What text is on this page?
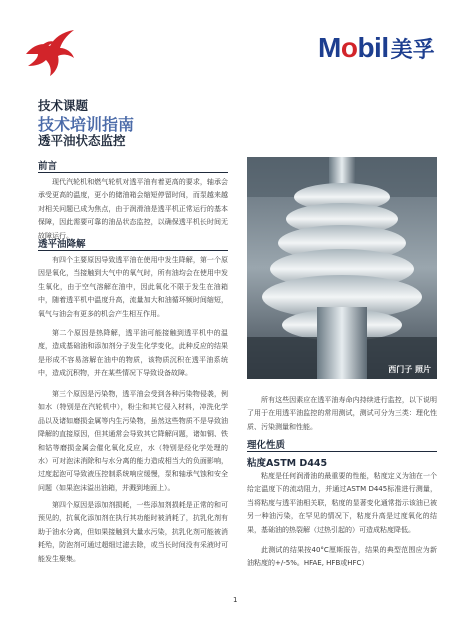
Mobil 美孚
技术课题
技术培训指南
透平油状态监控
前言
现代汽轮机和燃气轮机对透平油有着更高的要求，轴承会承受更高的温度，更小的储油箱会缩短停留时间，而泵越来越对相关问题已成为焦点，由于润滑油是透平机正常运行的基本保障，因此需要可靠的油品状态监控，以确保透平机长时间无故障运行。
透平油降解
有四个主要原因导致透平油在使用中发生降解，第一个原因是氧化，当接触到大气中的氧气时，所有油均会在使用中发生氧化，由于空气溶解在油中，因此氧化不限于发生在油箱中，随着透平机中温度升高，流量加大和油循环频时间缩短，氧气与油会有更多的机会产生相互作用。
第二个原因是热降解，透平油可能接触到透平机中的温度，造成基础油和添加剂分子发生化学变化，此种反应的结果是形成不容易溶解在油中的物质，该物质沉积在透平油系统中，造成沉积物，并在某些情况下导致设备故障。
第三个原因是污染物，透平油会受到各种污染物侵袭，例如水（特别是在汽轮机中），粉尘和其它侵入材料，冲洗化学品以及诸如磨损金属等内生污染物，虽然这些物质不是导致油降解的直接原因，但其通常会导致其它降解问题，诸如铜、铁和钴等磨损金属会催化氧化反应，水（特别是经化学处理的水）可对泡沫消除和与水分离的能力造成相当大的负面影响，过度起泡可导致液压控制系统响应缓慢，泵和轴承气蚀和安全问题（如果泡沫溢出油箱，并溅到地面上）。
第四个原因是添加剂损耗，一些添加剂损耗是正常的和可预见的，抗氧化添加剂在执行其功能时被消耗了，抗乳化剂有助于油水分离，但如果接触到大量水污染，抗乳化剂可能被消耗殆，防泡剂可通过超细过滤去除，或当长时间没有采液时可能发生聚集。
西门子 照片
所有这些因素应在透平油寿命内持续进行监控，以下说明了用于在用透平油监控的常用测试，测试可分为三类：理化性质、污染测量和性能。
理化性质
粘度ASTM D445
粘度是任何润滑油的最重要的性能，粘度定义为油在一个给定温度下的流动阻力，并通过ASTM D445标准进行测量，当将粘度与透平油相关联，粘度的显著变化通常指示该油已被另一种油污染，在罕见的情况下，粘度升高是过度氧化的结果，基础油的热裂解（过热引起的）可造成粘度降低。
此测试的结果按40°C厘斯报告，结果的典型范围应为新油粘度的+/-5%。HFAE, HFB或HFC）
1
